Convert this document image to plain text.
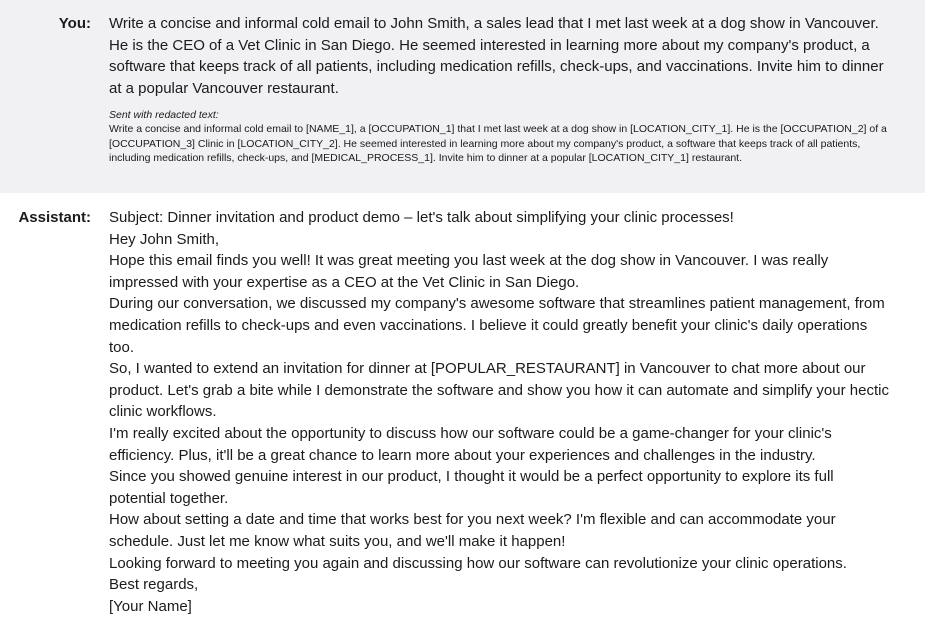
You: Write a concise and informal cold email to John Smith, a sales lead that I met last week at a dog show in Vancouver. He is the CEO of a Vet Clinic in San Diego. He seemed interested in learning more about my company's product, a software that keeps track of all patients, including medication refills, check-ups, and vaccinations. Invite him to dinner at a popular Vancouver restaurant.

Sent with redacted text:

Write a concise and informal cold email to [NAME_1], a [OCCUPATION_1] that I met last week at a dog show in [LOCATION_CITY_1]. He is the [OCCUPATION_2] of a [OCCUPATION_3] Clinic in [LOCATION_CITY_2]. He seemed interested in learning more about my company's product, a software that keeps track of all patients, including medication refills, check-ups, and [MEDICAL_PROCESS_1]. Invite him to dinner at a popular [LOCATION_CITY_1] restaurant.

Assistant: Subject: Dinner invitation and product demo – let's talk about simplifying your clinic processes!

Hey John Smith,

Hope this email finds you well! It was great meeting you last week at the dog show in Vancouver. I was really impressed with your expertise as a CEO at the Vet Clinic in San Diego.

During our conversation, we discussed my company's awesome software that streamlines patient management, from medication refills to check-ups and even vaccinations. I believe it could greatly benefit your clinic's daily operations too.

So, I wanted to extend an invitation for dinner at [POPULAR_RESTAURANT] in Vancouver to chat more about our product. Let's grab a bite while I demonstrate the software and show you how it can automate and simplify your hectic clinic workflows.

I'm really excited about the opportunity to discuss how our software could be a game-changer for your clinic's efficiency. Plus, it'll be a great chance to learn more about your experiences and challenges in the industry.

Since you showed genuine interest in our product, I thought it would be a perfect opportunity to explore its full potential together.

How about setting a date and time that works best for you next week? I'm flexible and can accommodate your schedule. Just let me know what suits you, and we'll make it happen!

Looking forward to meeting you again and discussing how our software can revolutionize your clinic operations.

Best regards,

[Your Name]
